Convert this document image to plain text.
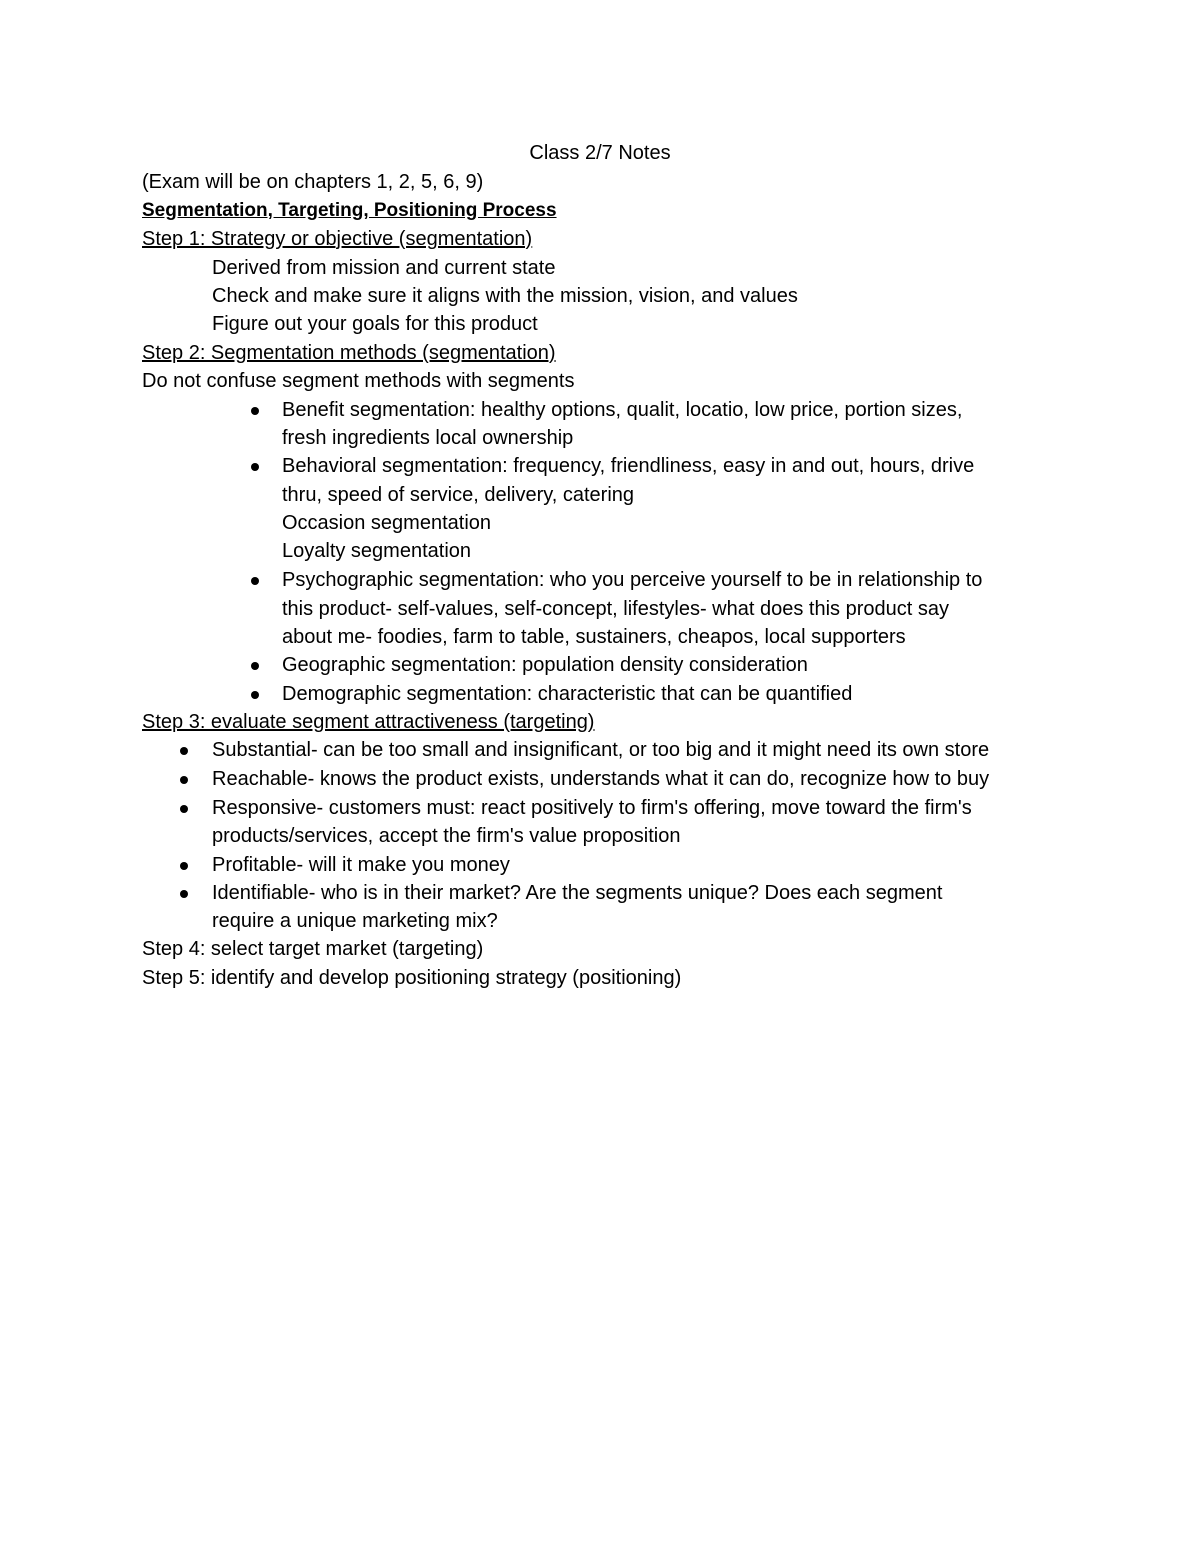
Class 2/7 Notes
(Exam will be on chapters 1, 2, 5, 6, 9)
Segmentation, Targeting, Positioning Process
Step 1: Strategy or objective (segmentation)
Derived from mission and current state
Check and make sure it aligns with the mission, vision, and values
Figure out your goals for this product
Step 2: Segmentation methods (segmentation)
Do not confuse segment methods with segments
Benefit segmentation: healthy options, qualit, locatio, low price, portion sizes,
fresh ingredients local ownership
Behavioral segmentation: frequency, friendliness, easy in and out, hours, drive
thru, speed of service, delivery, catering
Occasion segmentation
Loyalty segmentation
Psychographic segmentation: who you perceive yourself to be in relationship to
this product- self-values, self-concept, lifestyles- what does this product say
about me- foodies, farm to table, sustainers, cheapos, local supporters
Geographic segmentation: population density consideration
Demographic segmentation: characteristic that can be quantified
Step 3: evaluate segment attractiveness (targeting)
Substantial- can be too small and insignificant, or too big and it might need its own store
Reachable- knows the product exists, understands what it can do, recognize how to buy
Responsive- customers must: react positively to firm's offering, move toward the firm's
products/services, accept the firm's value proposition
Profitable- will it make you money
Identifiable- who is in their market? Are the segments unique? Does each segment
require a unique marketing mix?
Step 4: select target market (targeting)
Step 5: identify and develop positioning strategy (positioning)
